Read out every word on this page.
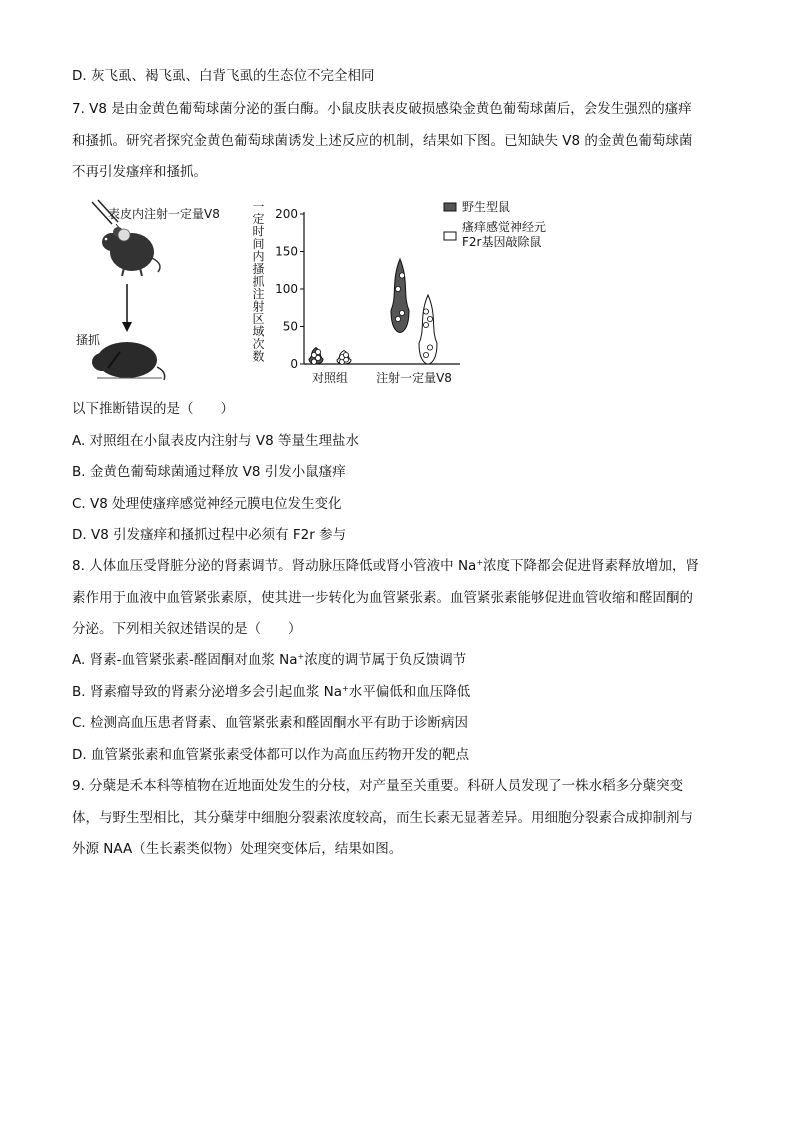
D. 灰飞虱、褐飞虱、白背飞虱的生态位不完全相同
7. V8 是由金黄色葡萄球菌分泌的蛋白酶。小鼠皮肤表皮破损感染金黄色葡萄球菌后，会发生强烈的瘙痒
和搔抓。研究者探究金黄色葡萄球菌诱发上述反应的机制，结果如下图。已知缺失 V8 的金黄色葡萄球菌
不再引发瘙痒和搔抓。
表皮内注射一定量V8
搔抓	一定时间内搔抓注射区域次数
0
50
100
150
200
对照组 注射一定量V8
野生型鼠
瘙痒感觉神经元
F2r基因敲除鼠
以下推断错误的是（　　）
A. 对照组在小鼠表皮内注射与 V8 等量生理盐水
B. 金黄色葡萄球菌通过释放 V8 引发小鼠瘙痒
C. V8 处理使瘙痒感觉神经元膜电位发生变化
D. V8 引发瘙痒和搔抓过程中必须有 F2r 参与
8. 人体血压受肾脏分泌的肾素调节。肾动脉压降低或肾小管液中 Na+浓度下降都会促进肾素释放增加，肾
素作用于血液中血管紧张素原，使其进一步转化为血管紧张素。血管紧张素能够促进血管收缩和醛固酮的
分泌。下列相关叙述错误的是（　　）
A. 肾素-血管紧张素-醛固酮对血浆 Na+浓度的调节属于负反馈调节
B. 肾素瘤导致的肾素分泌增多会引起血浆 Na+水平偏低和血压降低
C. 检测高血压患者肾素、血管紧张素和醛固酮水平有助于诊断病因
D. 血管紧张素和血管紧张素受体都可以作为高血压药物开发的靶点
9. 分蘖是禾本科等植物在近地面处发生的分枝，对产量至关重要。科研人员发现了一株水稻多分蘖突变
体，与野生型相比，其分蘖芽中细胞分裂素浓度较高，而生长素无显著差异。用细胞分裂素合成抑制剂与
外源 NAA（生长素类似物）处理突变体后，结果如图。
